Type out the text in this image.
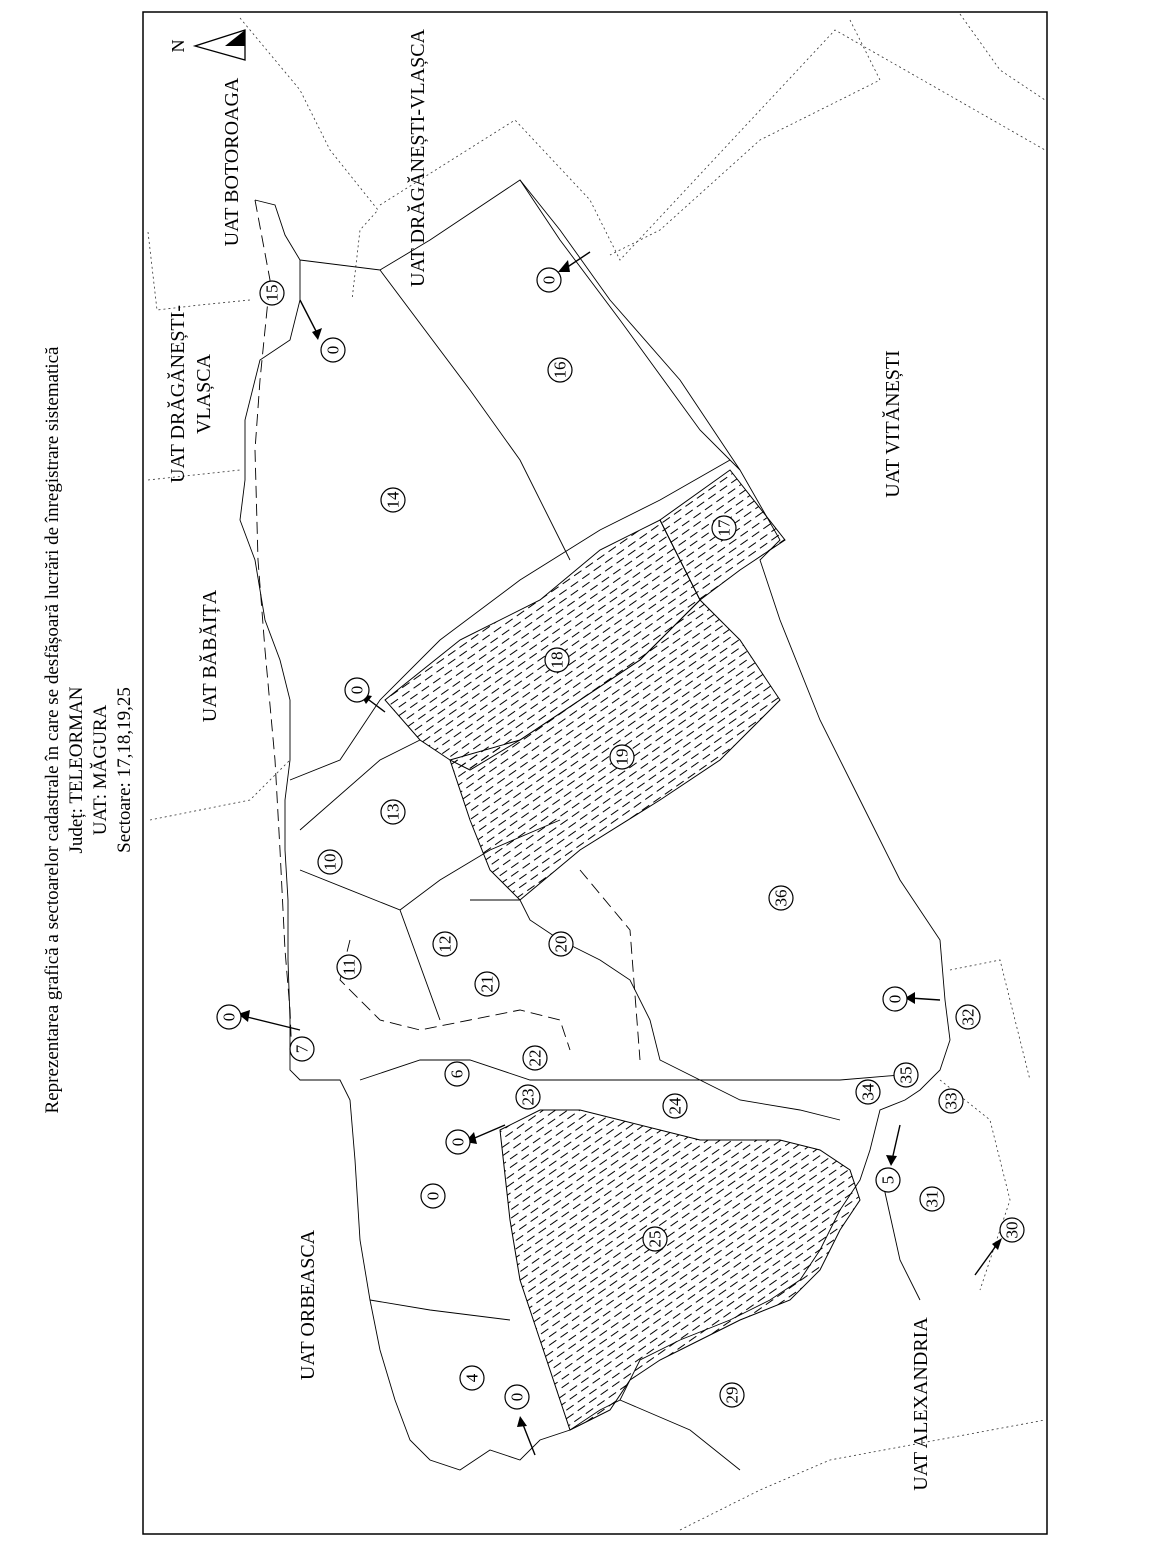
Reprezentarea grafică a sectoarelor cadastrale în care se desfășoară lucrări de înregistrare sistematică Județ: TELEORMAN UAT: MĂGURA Sectoare: 17,18,19,25
N
UAT BOTOROAGA	UAT DRĂGĂNEȘTI-VLAȘCA
UAT DRĂGĂNEȘTI- VLAȘCA
UAT BĂBĂIȚA
UAT VITĂNEȘTI
UAT ORBEASCA
UAT ALEXANDRIA
15
0
0
16
14
17
18
0
13
19
10
36
11
12	20
21
0
0
7
22
6
32
35
23	34
24	33
0
5
0	31
30
25
4
0	29
